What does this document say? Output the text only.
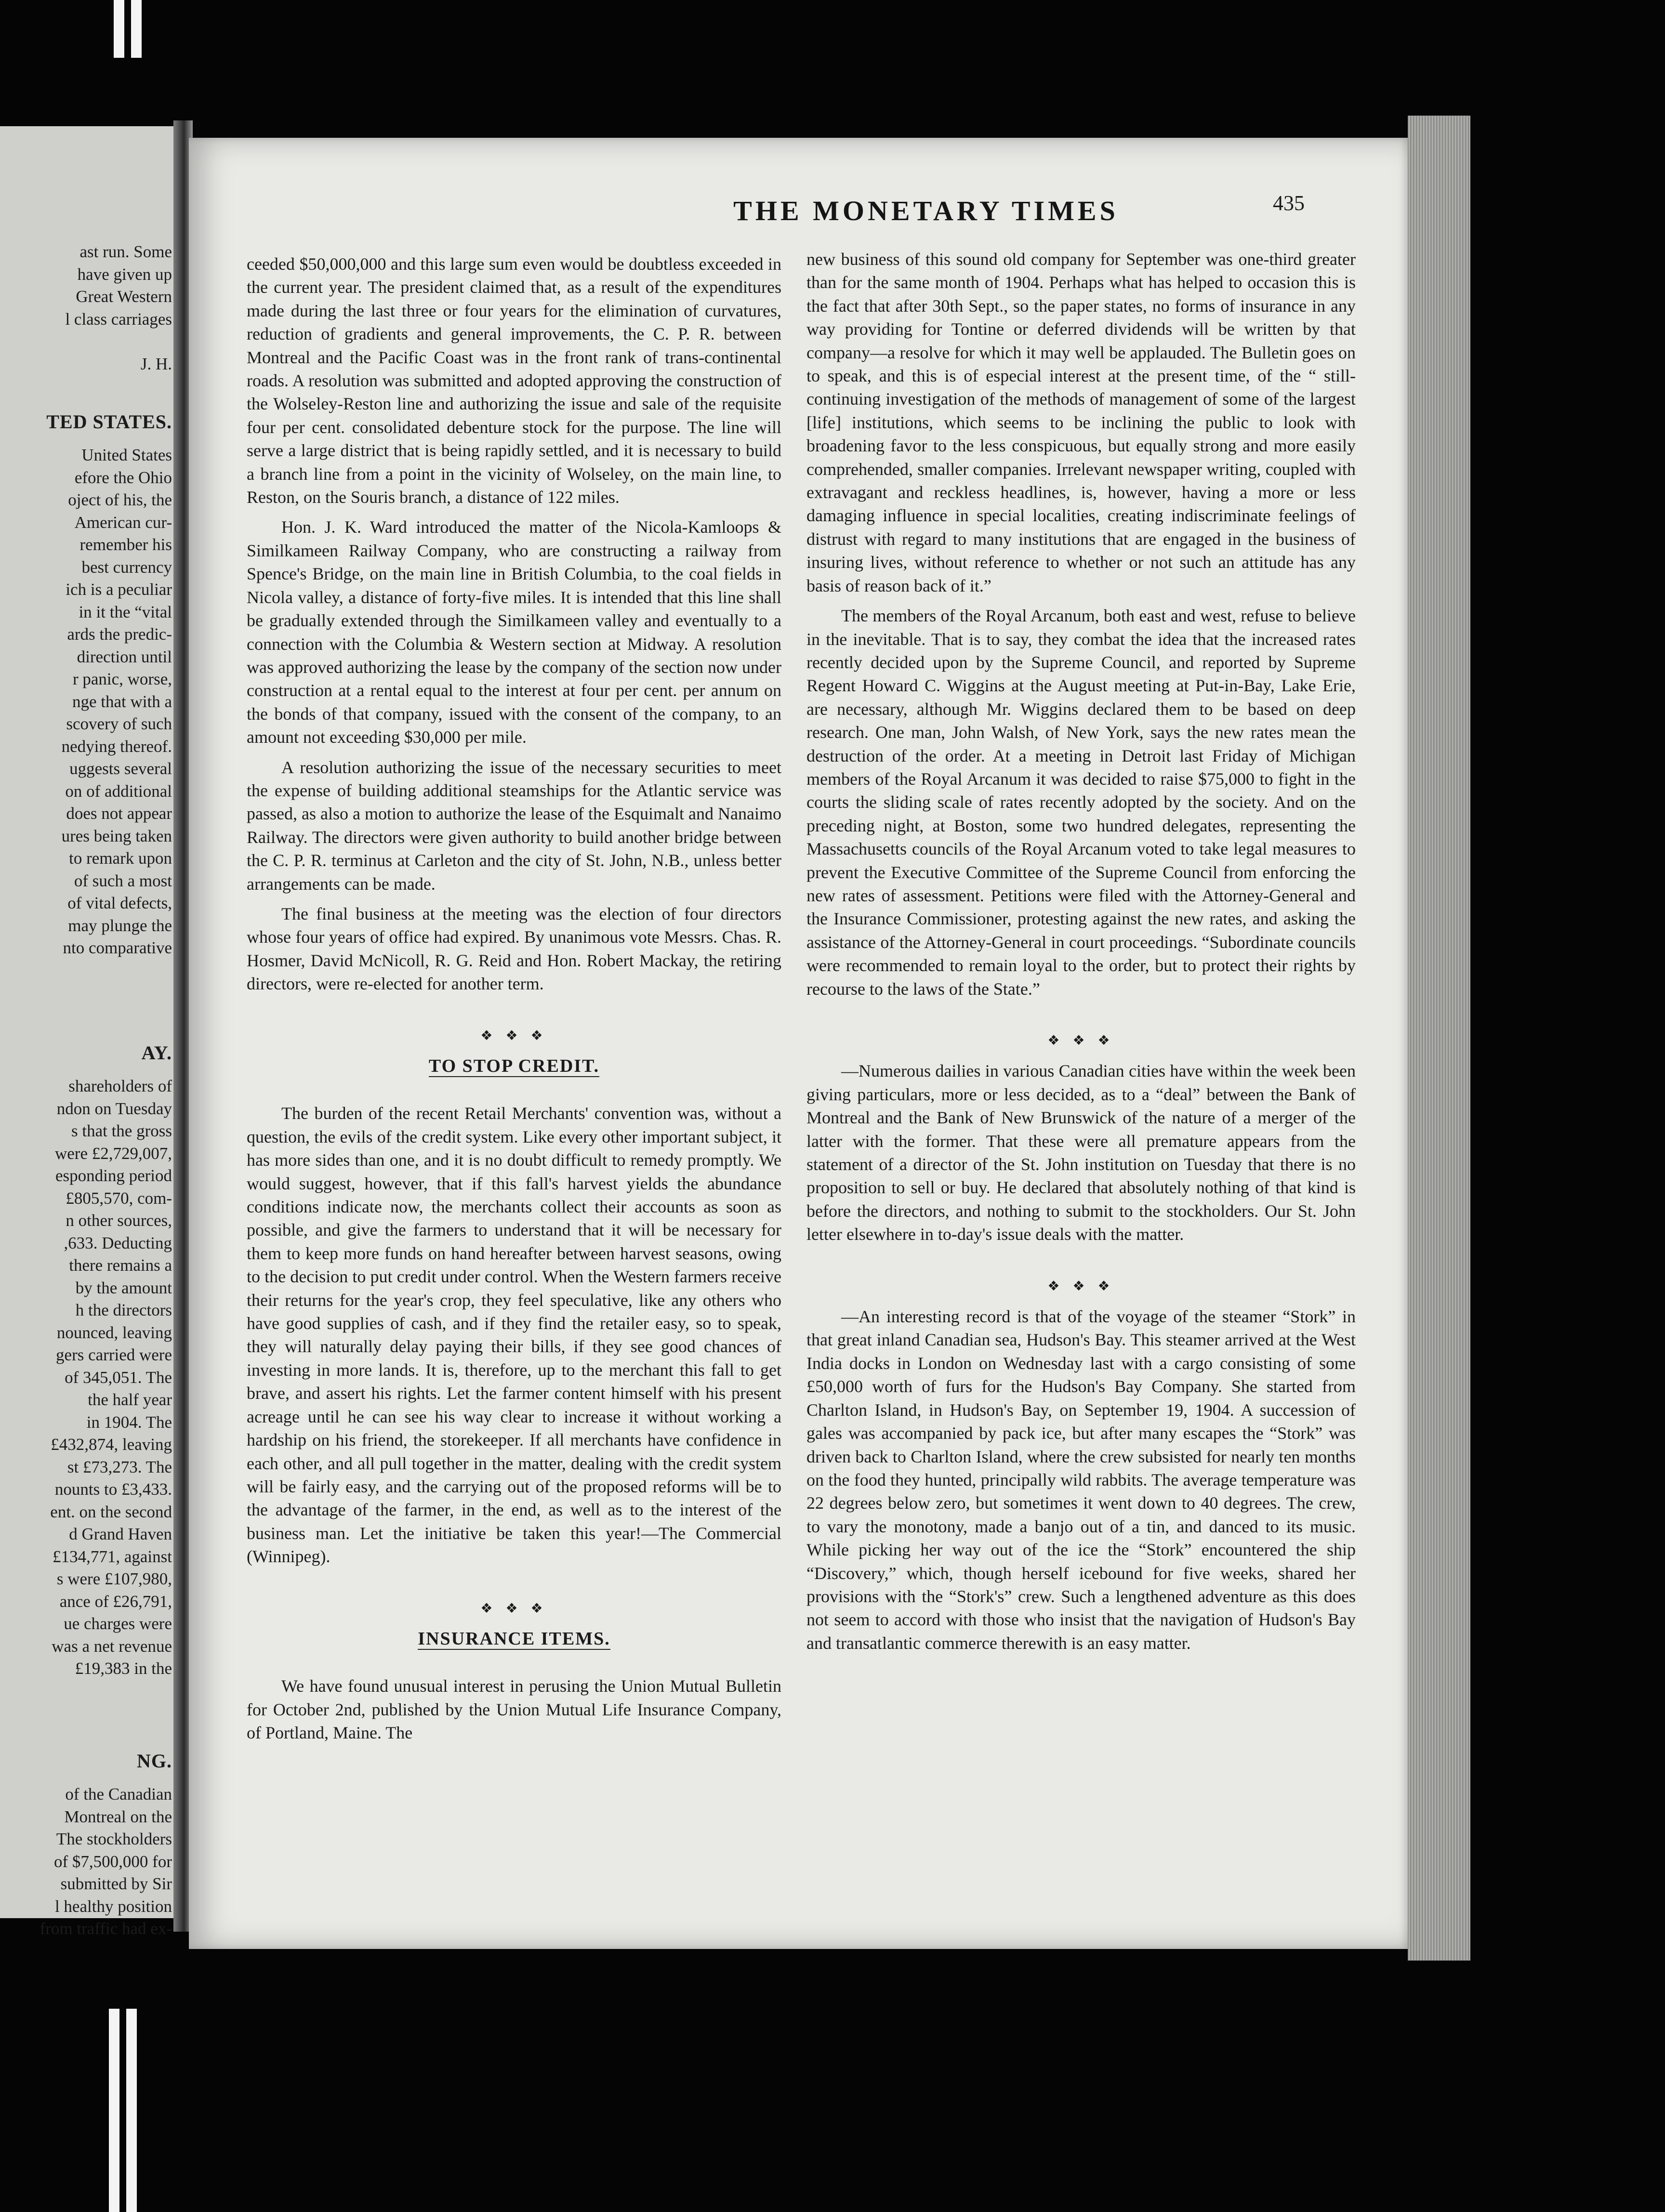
ast run. Some
have given up
Great Western
l class carriages
J. H.
TED STATES.
United States
efore the Ohio
oject of his, the
American cur-
remember his
best currency
ich is a peculiar
in it the “vital
ards the predic-
direction until
r panic, worse,
nge that with a
scovery of such
nedying thereof.
uggests several
on of additional
does not appear
ures being taken
to remark upon
of such a most
of vital defects,
may plunge the
nto comparative
AY.
shareholders of
ndon on Tuesday
s that the gross
were £2,729,007,
esponding period
£805,570, com-
n other sources,
,633. Deducting
there remains a
by the amount
h the directors
nounced, leaving
gers carried were
of 345,051. The
the half year
in 1904. The
£432,874, leaving
st £73,273. The
nounts to £3,433.
ent. on the second
d Grand Haven
£134,771, against
s were £107,980,
ance of £26,791,
ue charges were
was a net revenue
£19,383 in the
NG.
of the Canadian
Montreal on the
The stockholders
of $7,500,000 for
submitted by Sir
l healthy position
from traffic had ex-
THE MONETARY TIMES	435

ceeded $50,000,000 and this large sum even would be doubtless exceeded in the current year. The president claimed that, as a result of the expenditures made during the last three or four years for the elimination of curvatures, reduction of gradients and general improvements, the C. P. R. between Montreal and the Pacific Coast was in the front rank of trans-continental roads. A resolution was submitted and adopted approving the construction of the Wolseley-Reston line and authorizing the issue and sale of the requisite four per cent. consolidated debenture stock for the purpose. The line will serve a large district that is being rapidly settled, and it is necessary to build a branch line from a point in the vicinity of Wolseley, on the main line, to Reston, on the Souris branch, a distance of 122 miles.

Hon. J. K. Ward introduced the matter of the Nicola-Kamloops & Similkameen Railway Company, who are constructing a railway from Spence's Bridge, on the main line in British Columbia, to the coal fields in Nicola valley, a distance of forty-five miles. It is intended that this line shall be gradually extended through the Similkameen valley and eventually to a connection with the Columbia & Western section at Midway. A resolution was approved authorizing the lease by the company of the section now under construction at a rental equal to the interest at four per cent. per annum on the bonds of that company, issued with the consent of the company, to an amount not exceeding $30,000 per mile.

A resolution authorizing the issue of the necessary securities to meet the expense of building additional steamships for the Atlantic service was passed, as also a motion to authorize the lease of the Esquimalt and Nanaimo Railway. The directors were given authority to build another bridge between the C. P. R. terminus at Carleton and the city of St. John, N.B., unless better arrangements can be made.

The final business at the meeting was the election of four directors whose four years of office had expired. By unanimous vote Messrs. Chas. R. Hosmer, David McNicoll, R. G. Reid and Hon. Robert Mackay, the retiring directors, were re-elected for another term.

❖ ❖ ❖
TO STOP CREDIT.

The burden of the recent Retail Merchants' convention was, without a question, the evils of the credit system. Like every other important subject, it has more sides than one, and it is no doubt difficult to remedy promptly. We would suggest, however, that if this fall's harvest yields the abundance conditions indicate now, the merchants collect their accounts as soon as possible, and give the farmers to understand that it will be necessary for them to keep more funds on hand hereafter between harvest seasons, owing to the decision to put credit under control. When the Western farmers receive their returns for the year's crop, they feel speculative, like any others who have good supplies of cash, and if they find the retailer easy, so to speak, they will naturally delay paying their bills, if they see good chances of investing in more lands. It is, therefore, up to the merchant this fall to get brave, and assert his rights. Let the farmer content himself with his present acreage until he can see his way clear to increase it without working a hardship on his friend, the storekeeper. If all merchants have confidence in each other, and all pull together in the matter, dealing with the credit system will be fairly easy, and the carrying out of the proposed reforms will be to the advantage of the farmer, in the end, as well as to the interest of the business man. Let the initiative be taken this year!—The Commercial (Winnipeg).

❖ ❖ ❖
INSURANCE ITEMS.

We have found unusual interest in perusing the Union Mutual Bulletin for October 2nd, published by the Union Mutual Life Insurance Company, of Portland, Maine. The

new business of this sound old company for September was one-third greater than for the same month of 1904. Perhaps what has helped to occasion this is the fact that after 30th Sept., so the paper states, no forms of insurance in any way providing for Tontine or deferred dividends will be written by that company—a resolve for which it may well be applauded. The Bulletin goes on to speak, and this is of especial interest at the present time, of the “ still-continuing investigation of the methods of management of some of the largest [life] institutions, which seems to be inclining the public to look with broadening favor to the less conspicuous, but equally strong and more easily comprehended, smaller companies. Irrelevant newspaper writing, coupled with extravagant and reckless headlines, is, however, having a more or less damaging influence in special localities, creating indiscriminate feelings of distrust with regard to many institutions that are engaged in the business of insuring lives, without reference to whether or not such an attitude has any basis of reason back of it.”

The members of the Royal Arcanum, both east and west, refuse to believe in the inevitable. That is to say, they combat the idea that the increased rates recently decided upon by the Supreme Council, and reported by Supreme Regent Howard C. Wiggins at the August meeting at Put-in-Bay, Lake Erie, are necessary, although Mr. Wiggins declared them to be based on deep research. One man, John Walsh, of New York, says the new rates mean the destruction of the order. At a meeting in Detroit last Friday of Michigan members of the Royal Arcanum it was decided to raise $75,000 to fight in the courts the sliding scale of rates recently adopted by the society. And on the preceding night, at Boston, some two hundred delegates, representing the Massachusetts councils of the Royal Arcanum voted to take legal measures to prevent the Executive Committee of the Supreme Council from enforcing the new rates of assessment. Petitions were filed with the Attorney-General and the Insurance Commissioner, protesting against the new rates, and asking the assistance of the Attorney-General in court proceedings. “Subordinate councils were recommended to remain loyal to the order, but to protect their rights by recourse to the laws of the State.”

❖ ❖ ❖

—Numerous dailies in various Canadian cities have within the week been giving particulars, more or less decided, as to a “deal” between the Bank of Montreal and the Bank of New Brunswick of the nature of a merger of the latter with the former. That these were all premature appears from the statement of a director of the St. John institution on Tuesday that there is no proposition to sell or buy. He declared that absolutely nothing of that kind is before the directors, and nothing to submit to the stockholders. Our St. John letter elsewhere in to-day's issue deals with the matter.

❖ ❖ ❖

—An interesting record is that of the voyage of the steamer “Stork” in that great inland Canadian sea, Hudson's Bay. This steamer arrived at the West India docks in London on Wednesday last with a cargo consisting of some £50,000 worth of furs for the Hudson's Bay Company. She started from Charlton Island, in Hudson's Bay, on September 19, 1904. A succession of gales was accompanied by pack ice, but after many escapes the “Stork” was driven back to Charlton Island, where the crew subsisted for nearly ten months on the food they hunted, principally wild rabbits. The average temperature was 22 degrees below zero, but sometimes it went down to 40 degrees. The crew, to vary the monotony, made a banjo out of a tin, and danced to its music. While picking her way out of the ice the “Stork” encountered the ship “Discovery,” which, though herself icebound for five weeks, shared her provisions with the “Stork's” crew. Such a lengthened adventure as this does not seem to accord with those who insist that the navigation of Hudson's Bay and transatlantic commerce therewith is an easy matter.
